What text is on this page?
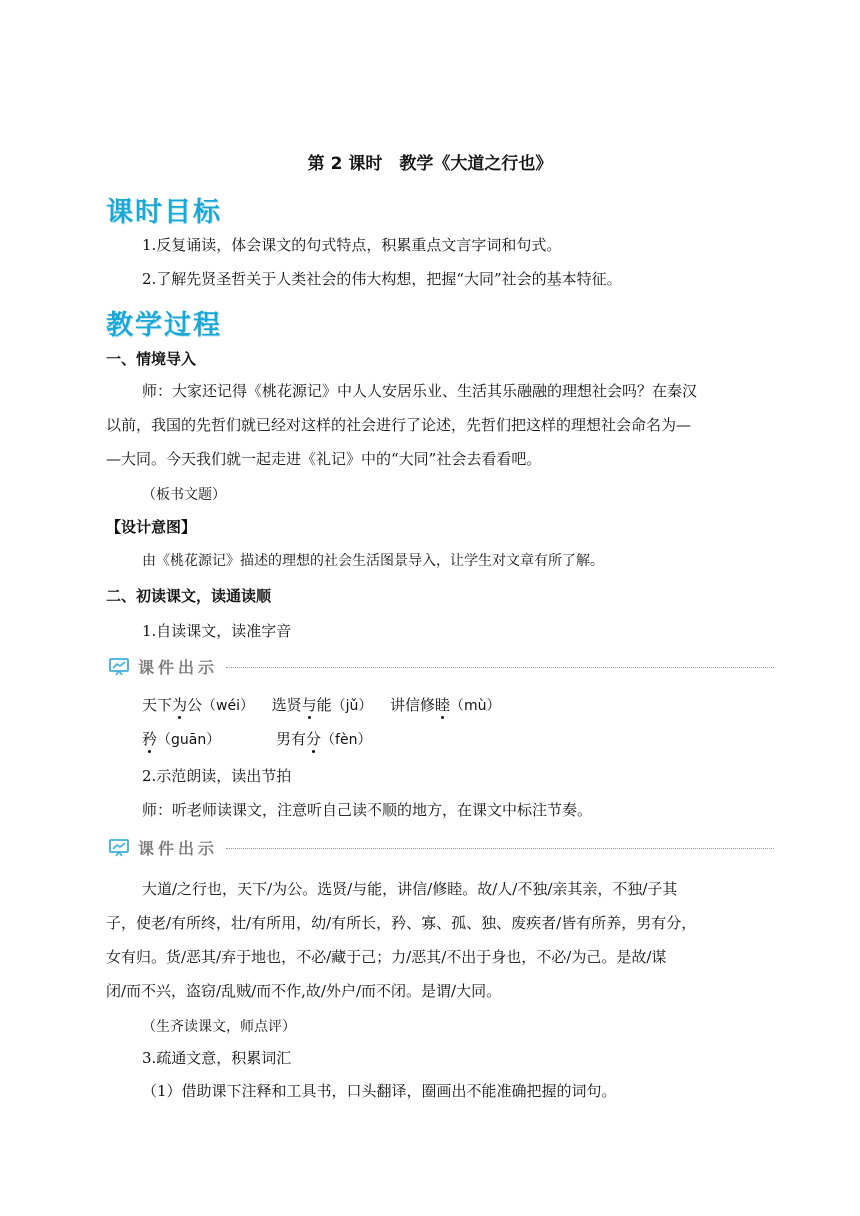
第 2 课时　教学《大道之行也》
课时目标
1.反复诵读，体会课文的句式特点，积累重点文言字词和句式。
2.了解先贤圣哲关于人类社会的伟大构想，把握“大同”社会的基本特征。
教学过程
一、情境导入
师：大家还记得《桃花源记》中人人安居乐业、生活其乐融融的理想社会吗？在秦汉
以前，我国的先哲们就已经对这样的社会进行了论述，先哲们把这样的理想社会命名为—
—大同。今天我们就一起走进《礼记》中的“大同”社会去看看吧。
（板书文题）
【设计意图】
由《桃花源记》描述的理想的社会生活图景导入，让学生对文章有所了解。
二、初读课文，读通读顺
1.自读课文，读准字音
课件出示
天下为公（wéi） 选贤与能（jǔ） 讲信修睦（mù）
矜（guān）	男有分（fèn）
2.示范朗读，读出节拍
师：听老师读课文，注意听自己读不顺的地方，在课文中标注节奏。
课件出示
大道/之行也，天下/为公。选贤/与能，讲信/修睦。故/人/不独/亲其亲，不独/子其
子，使老/有所终，壮/有所用，幼/有所长，矜、寡、孤、独、废疾者/皆有所养，男有分，
女有归。货/恶其/弃于地也，不必/藏于己；力/恶其/不出于身也，不必/为己。是故/谋
闭/而不兴，盗窃/乱贼/而不作,故/外户/而不闭。是谓/大同。
（生齐读课文，师点评）
3.疏通文意，积累词汇
（1）借助课下注释和工具书，口头翻译，圈画出不能准确把握的词句。
